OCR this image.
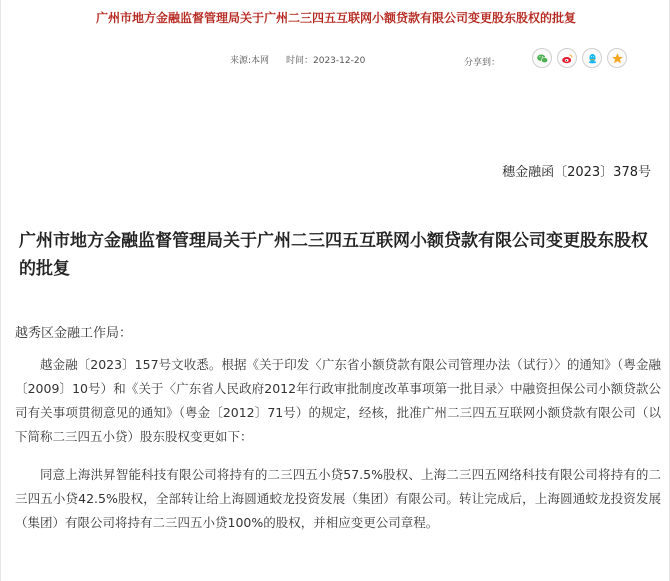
广州市地方金融监督管理局关于广州二三四五互联网小额贷款有限公司变更股东股权的批复
来源:本网 时间：2023-12-20	分享到：
穗金融函〔2023〕378号
广州市地方金融监督管理局关于广州二三四五互联网小额贷款有限公司变更股东股权的批复
越秀区金融工作局：

越金融〔2023〕157号文收悉。根据《关于印发〈广东省小额贷款有限公司管理办法（试行）〉的通知》（粤金融〔2009〕10号）和《关于〈广东省人民政府2012年行政审批制度改革事项第一批目录〉中融资担保公司小额贷款公司有关事项贯彻意见的通知》（粤金〔2012〕71号）的规定，经核，批准广州二三四五互联网小额贷款有限公司（以下简称二三四五小贷）股东股权变更如下：

同意上海洪昇智能科技有限公司将持有的二三四五小贷57.5%股权、上海二三四五网络科技有限公司将持有的二三四五小贷42.5%股权，全部转让给上海圆通蛟龙投资发展（集团）有限公司。转让完成后，上海圆通蛟龙投资发展（集团）有限公司将持有二三四五小贷100%的股权，并相应变更公司章程。
